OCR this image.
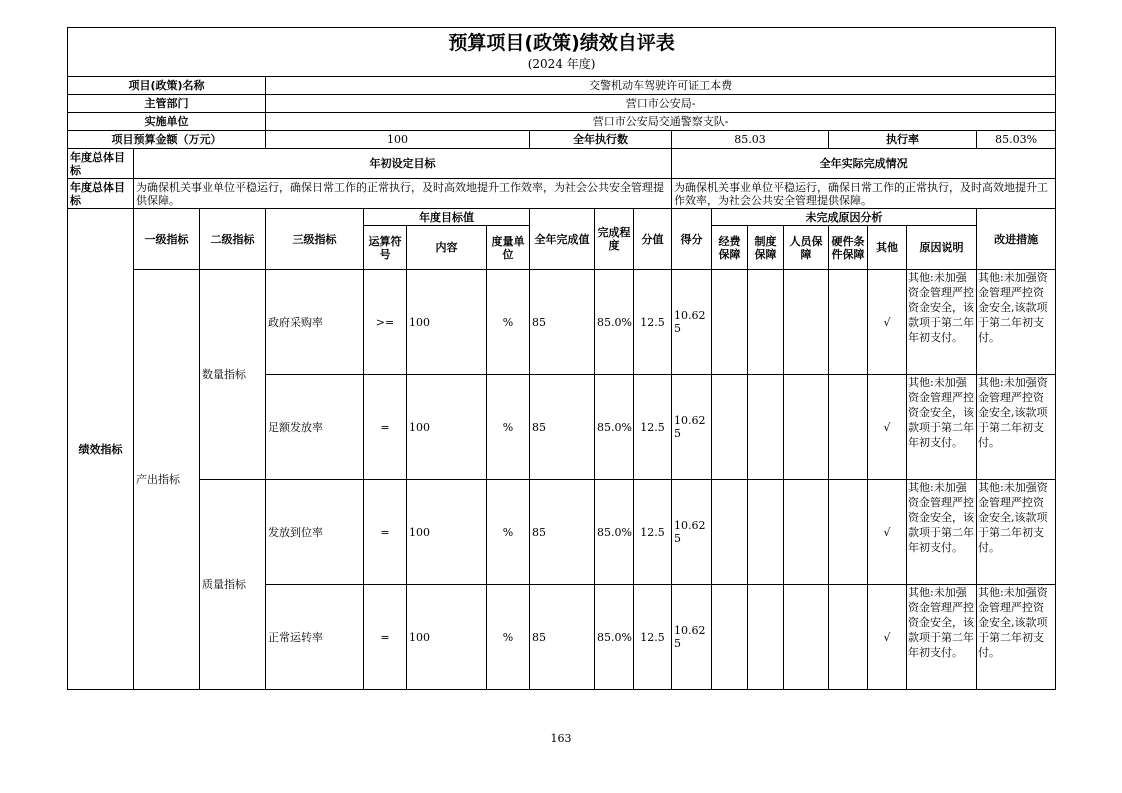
预算项目(政策)绩效自评表
(2024 年度)																	

项目(政策)名称			交警机动车驾驶许可证工本费														
主管部门			营口市公安局-														
实施单位			营口市公安局交通警察支队-														
项目预算金额（万元）			100				全年执行数			85.03				执行率			85.03%
年度总体目标	年初设定目标									全年实际完成情况							
年度总体目标	为确保机关事业单位平稳运行，确保日常工作的正常执行，及时高效地提升工作效率，为社会公共安全管理提供保障。									为确保机关事业单位平稳运行，确保日常工作的正常执行，及时高效地提升工作效率，为社会公共安全管理提供保障。							
绩效指标	一级指标	二级指标	三级指标	年度目标值			全年完成值	完成程度	分值	得分	未完成原因分析						改进措施
				运算符号	内容	度量单位					经费保障	制度保障	人员保障	硬件条件保障	其他	原因说明	
	产出指标	数量指标	政府采购率	>=	100	%	85	85.0%	12.5	10.625					√	其他:未加强资金管理严控资金安全，该款项于第二年年初支付。	其他:未加强资金管理严控资金安全,该款项于第二年初支付。
			足额发放率	=	100	%	85	85.0%	12.5	10.625					√	其他:未加强资金管理严控资金安全，该款项于第二年年初支付。	其他:未加强资金管理严控资金安全,该款项于第二年初支付。
		质量指标	发放到位率	=	100	%	85	85.0%	12.5	10.625					√	其他:未加强资金管理严控资金安全，该款项于第二年年初支付。	其他:未加强资金管理严控资金安全,该款项于第二年初支付。
			正常运转率	=	100	%	85	85.0%	12.5	10.625					√	其他:未加强资金管理严控资金安全，该款项于第二年年初支付。	其他:未加强资金管理严控资金安全,该款项于第二年初支付。
163
